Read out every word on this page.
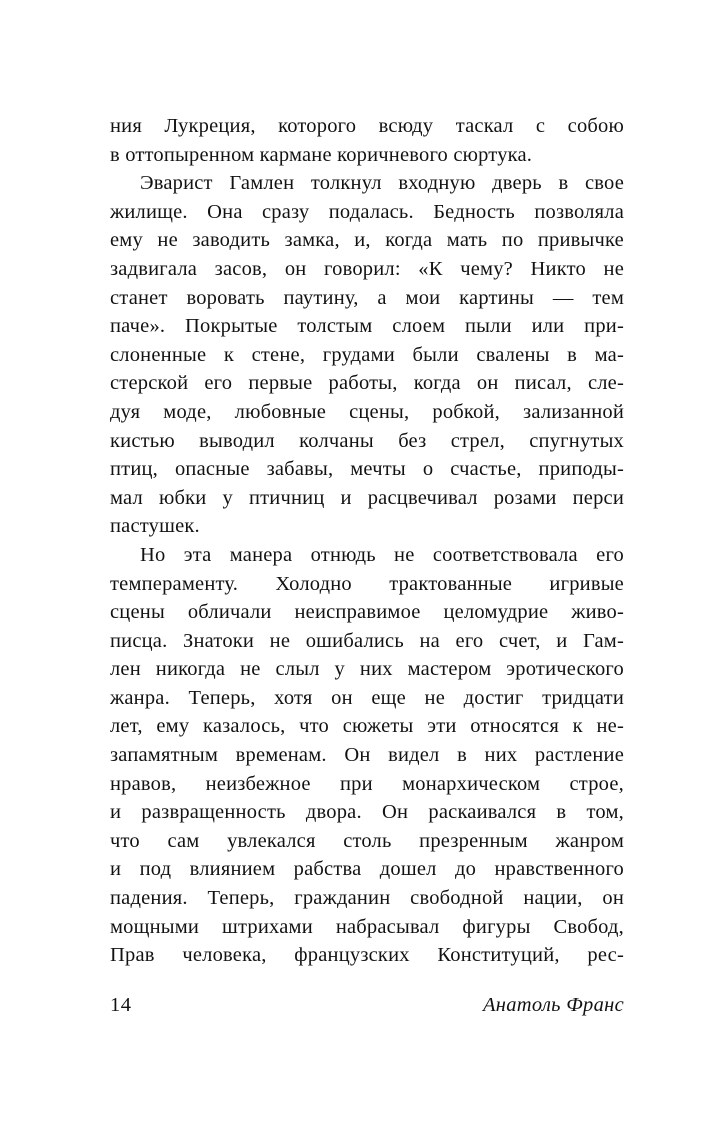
ния Лукреция, которого всюду таскал с собою
в оттопыренном кармане коричневого сюртука.
Эварист Гамлен толкнул входную дверь в свое
жилище. Она сразу подалась. Бедность позволяла
ему не заводить замка, и, когда мать по привычке
задвигала засов, он говорил: «К чему? Никто не
станет воровать паутину, а мои картины — тем
паче». Покрытые толстым слоем пыли или при-
слоненные к стене, грудами были свалены в ма-
стерской его первые работы, когда он писал, сле-
дуя моде, любовные сцены, робкой, зализанной
кистью выводил колчаны без стрел, спугнутых
птиц, опасные забавы, мечты о счастье, приподы-
мал юбки у птичниц и расцвечивал розами перси
пастушек.
Но эта манера отнюдь не соответствовала его
темпераменту. Холодно трактованные игривые
сцены обличали неисправимое целомудрие живо-
писца. Знатоки не ошибались на его счет, и Гам-
лен никогда не слыл у них мастером эротического
жанра. Теперь, хотя он еще не достиг тридцати
лет, ему казалось, что сюжеты эти относятся к не-
запамятным временам. Он видел в них растление
нравов, неизбежное при монархическом строе,
и развращенность двора. Он раскаивался в том,
что сам увлекался столь презренным жанром
и под влиянием рабства дошел до нравственного
падения. Теперь, гражданин свободной нации, он
мощными штрихами набрасывал фигуры Свобод,
Прав человека, французских Конституций, рес-
14	Анатоль Франс
